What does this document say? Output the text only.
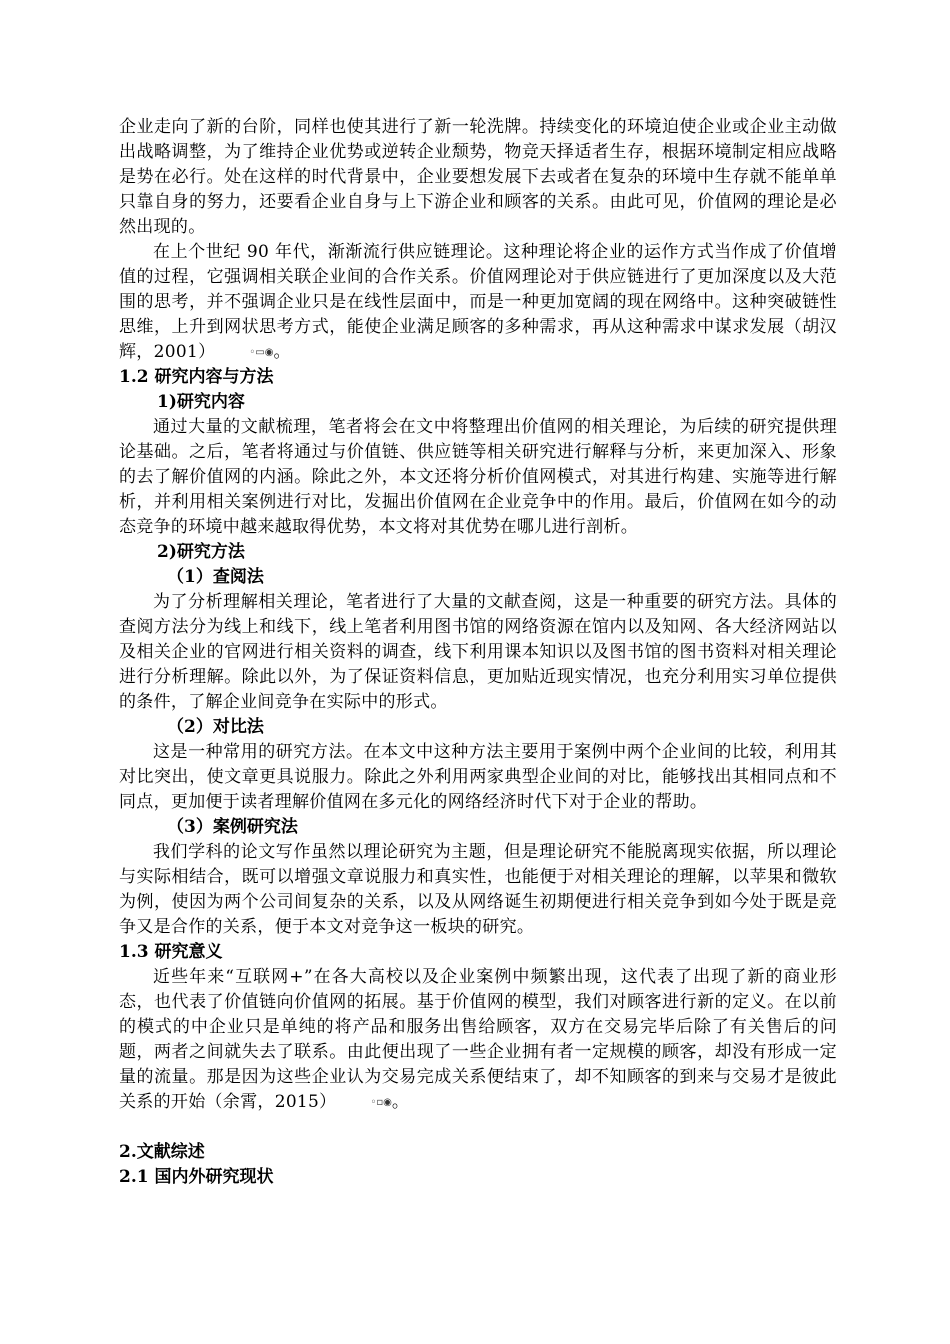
企业走向了新的台阶，同样也使其进行了新一轮洗牌。持续变化的环境迫使企业或企业主动做出战略调整，为了维持企业优势或逆转企业颓势，物竞天择适者生存，根据环境制定相应战略是势在必行。处在这样的时代背景中，企业要想发展下去或者在复杂的环境中生存就不能单单只靠自身的努力，还要看企业自身与上下游企业和顾客的关系。由此可见，价值网的理论是必然出现的。

在上个世纪 90 年代，渐渐流行供应链理论。这种理论将企业的运作方式当作成了价值增值的过程，它强调相关联企业间的合作关系。价值网理论对于供应链进行了更加深度以及大范围的思考，并不强调企业只是在线性层面中，而是一种更加宽阔的现在网络中。这种突破链性思维，上升到网状思考方式，能使企业满足顾客的多种需求，再从这种需求中谋求发展（胡汉辉，2001）	◦▭◉。

1.2 研究内容与方法

1)研究内容

通过大量的文献梳理，笔者将会在文中将整理出价值网的相关理论，为后续的研究提供理论基础。之后，笔者将通过与价值链、供应链等相关研究进行解释与分析，来更加深入、形象的去了解价值网的内涵。除此之外，本文还将分析价值网模式，对其进行构建、实施等进行解析，并利用相关案例进行对比，发掘出价值网在企业竞争中的作用。最后，价值网在如今的动态竞争的环境中越来越取得优势，本文将对其优势在哪儿进行剖析。

2)研究方法

（1）查阅法

为了分析理解相关理论，笔者进行了大量的文献查阅，这是一种重要的研究方法。具体的查阅方法分为线上和线下，线上笔者利用图书馆的网络资源在馆内以及知网、各大经济网站以及相关企业的官网进行相关资料的调查，线下利用课本知识以及图书馆的图书资料对相关理论进行分析理解。除此以外，为了保证资料信息，更加贴近现实情况，也充分利用实习单位提供的条件，了解企业间竞争在实际中的形式。

（2）对比法

这是一种常用的研究方法。在本文中这种方法主要用于案例中两个企业间的比较，利用其对比突出，使文章更具说服力。除此之外利用两家典型企业间的对比，能够找出其相同点和不同点，更加便于读者理解价值网在多元化的网络经济时代下对于企业的帮助。

（3）案例研究法

我们学科的论文写作虽然以理论研究为主题，但是理论研究不能脱离现实依据，所以理论与实际相结合，既可以增强文章说服力和真实性，也能便于对相关理论的理解，以苹果和微软为例，使因为两个公司间复杂的关系，以及从网络诞生初期便进行相关竞争到如今处于既是竞争又是合作的关系，便于本文对竞争这一板块的研究。

1.3 研究意义

近些年来“互联网+”在各大高校以及企业案例中频繁出现，这代表了出现了新的商业形态，也代表了价值链向价值网的拓展。基于价值网的模型，我们对顾客进行新的定义。在以前的模式的中企业只是单纯的将产品和服务出售给顾客，双方在交易完毕后除了有关售后的问题，两者之间就失去了联系。由此便出现了一些企业拥有者一定规模的顾客，却没有形成一定量的流量。那是因为这些企业认为交易完成关系便结束了，却不知顾客的到来与交易才是彼此关系的开始（余霄，2015）	◦▫◉。

2.文献综述

2.1 国内外研究现状
